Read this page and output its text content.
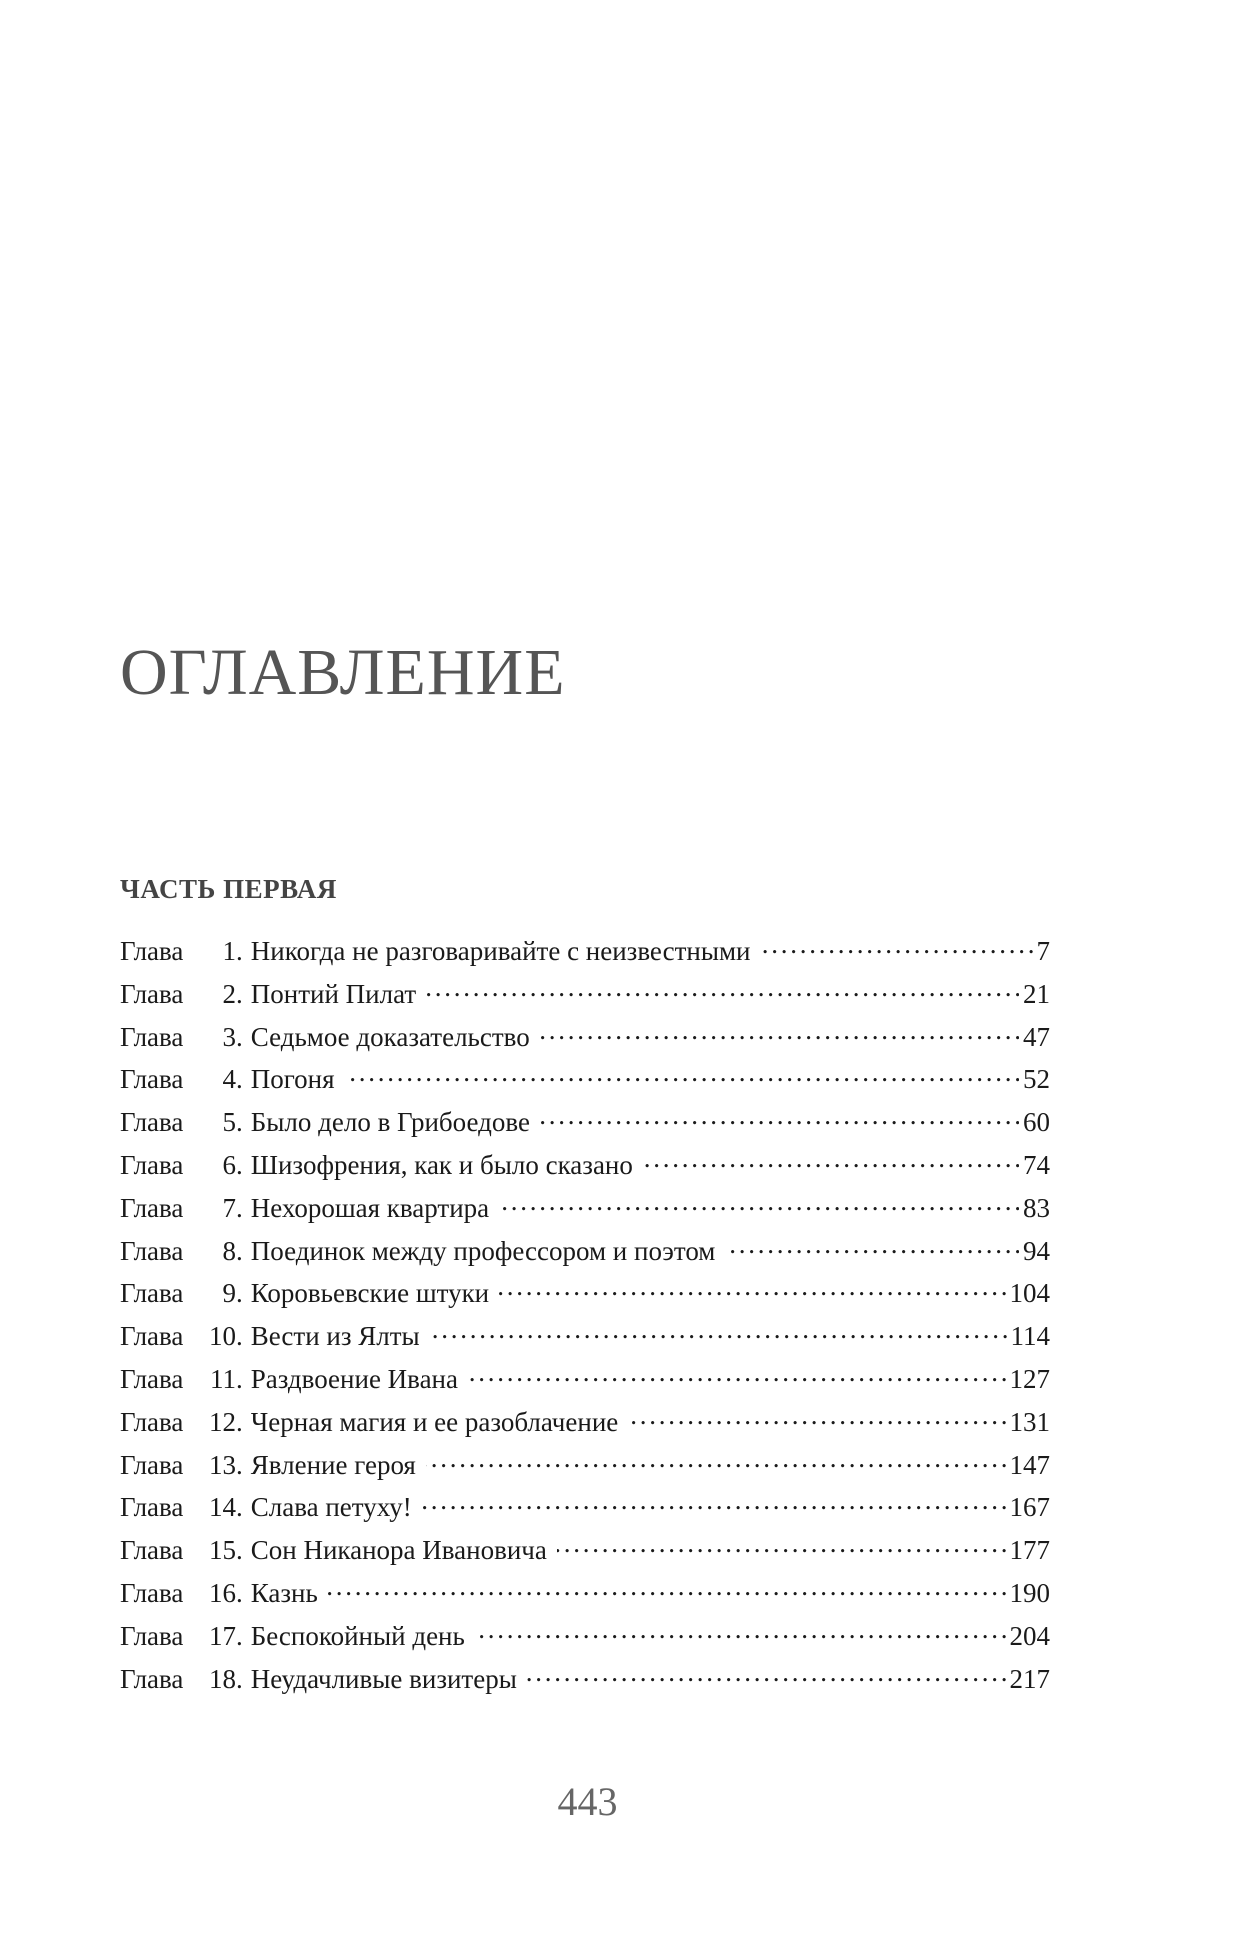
ОГЛАВЛЕНИЕ
ЧАСТЬ ПЕРВАЯ
Глава	1 . Никогда не разговаривайте с неизвестными . . .	7
Глава	2 . Понтий Пилат . . .	21
Глава	3 . Седьмое доказательство . . .	47
Глава	4 . Погоня . . .	52
Глава	5 . Было дело в Грибоедове . . .	60
Глава	6 . Шизофрения, как и было сказано . . .	74
Глава	7 . Нехорошая квартира . . .	83
Глава	8 . Поединок между профессором и поэтом . . .	94
Глава	9 . Коровьевские штуки . . .	104
Глава 10 . Вести из Ялты . . .	114
Глава 11 . Раздвоение Ивана . . .	127
Глава 12 . Черная магия и ее разоблачение . . .	131
Глава 13 . Явление героя . . .	147
Глава 14 . Слава петуху! . . .	167
Глава 15 . Сон Никанора Ивановича . . .	177
Глава 16 . Казнь . . .	190
Глава 17 . Беспокойный день . . .	204
Глава 18 . Неудачливые визитеры . . .	217
443
